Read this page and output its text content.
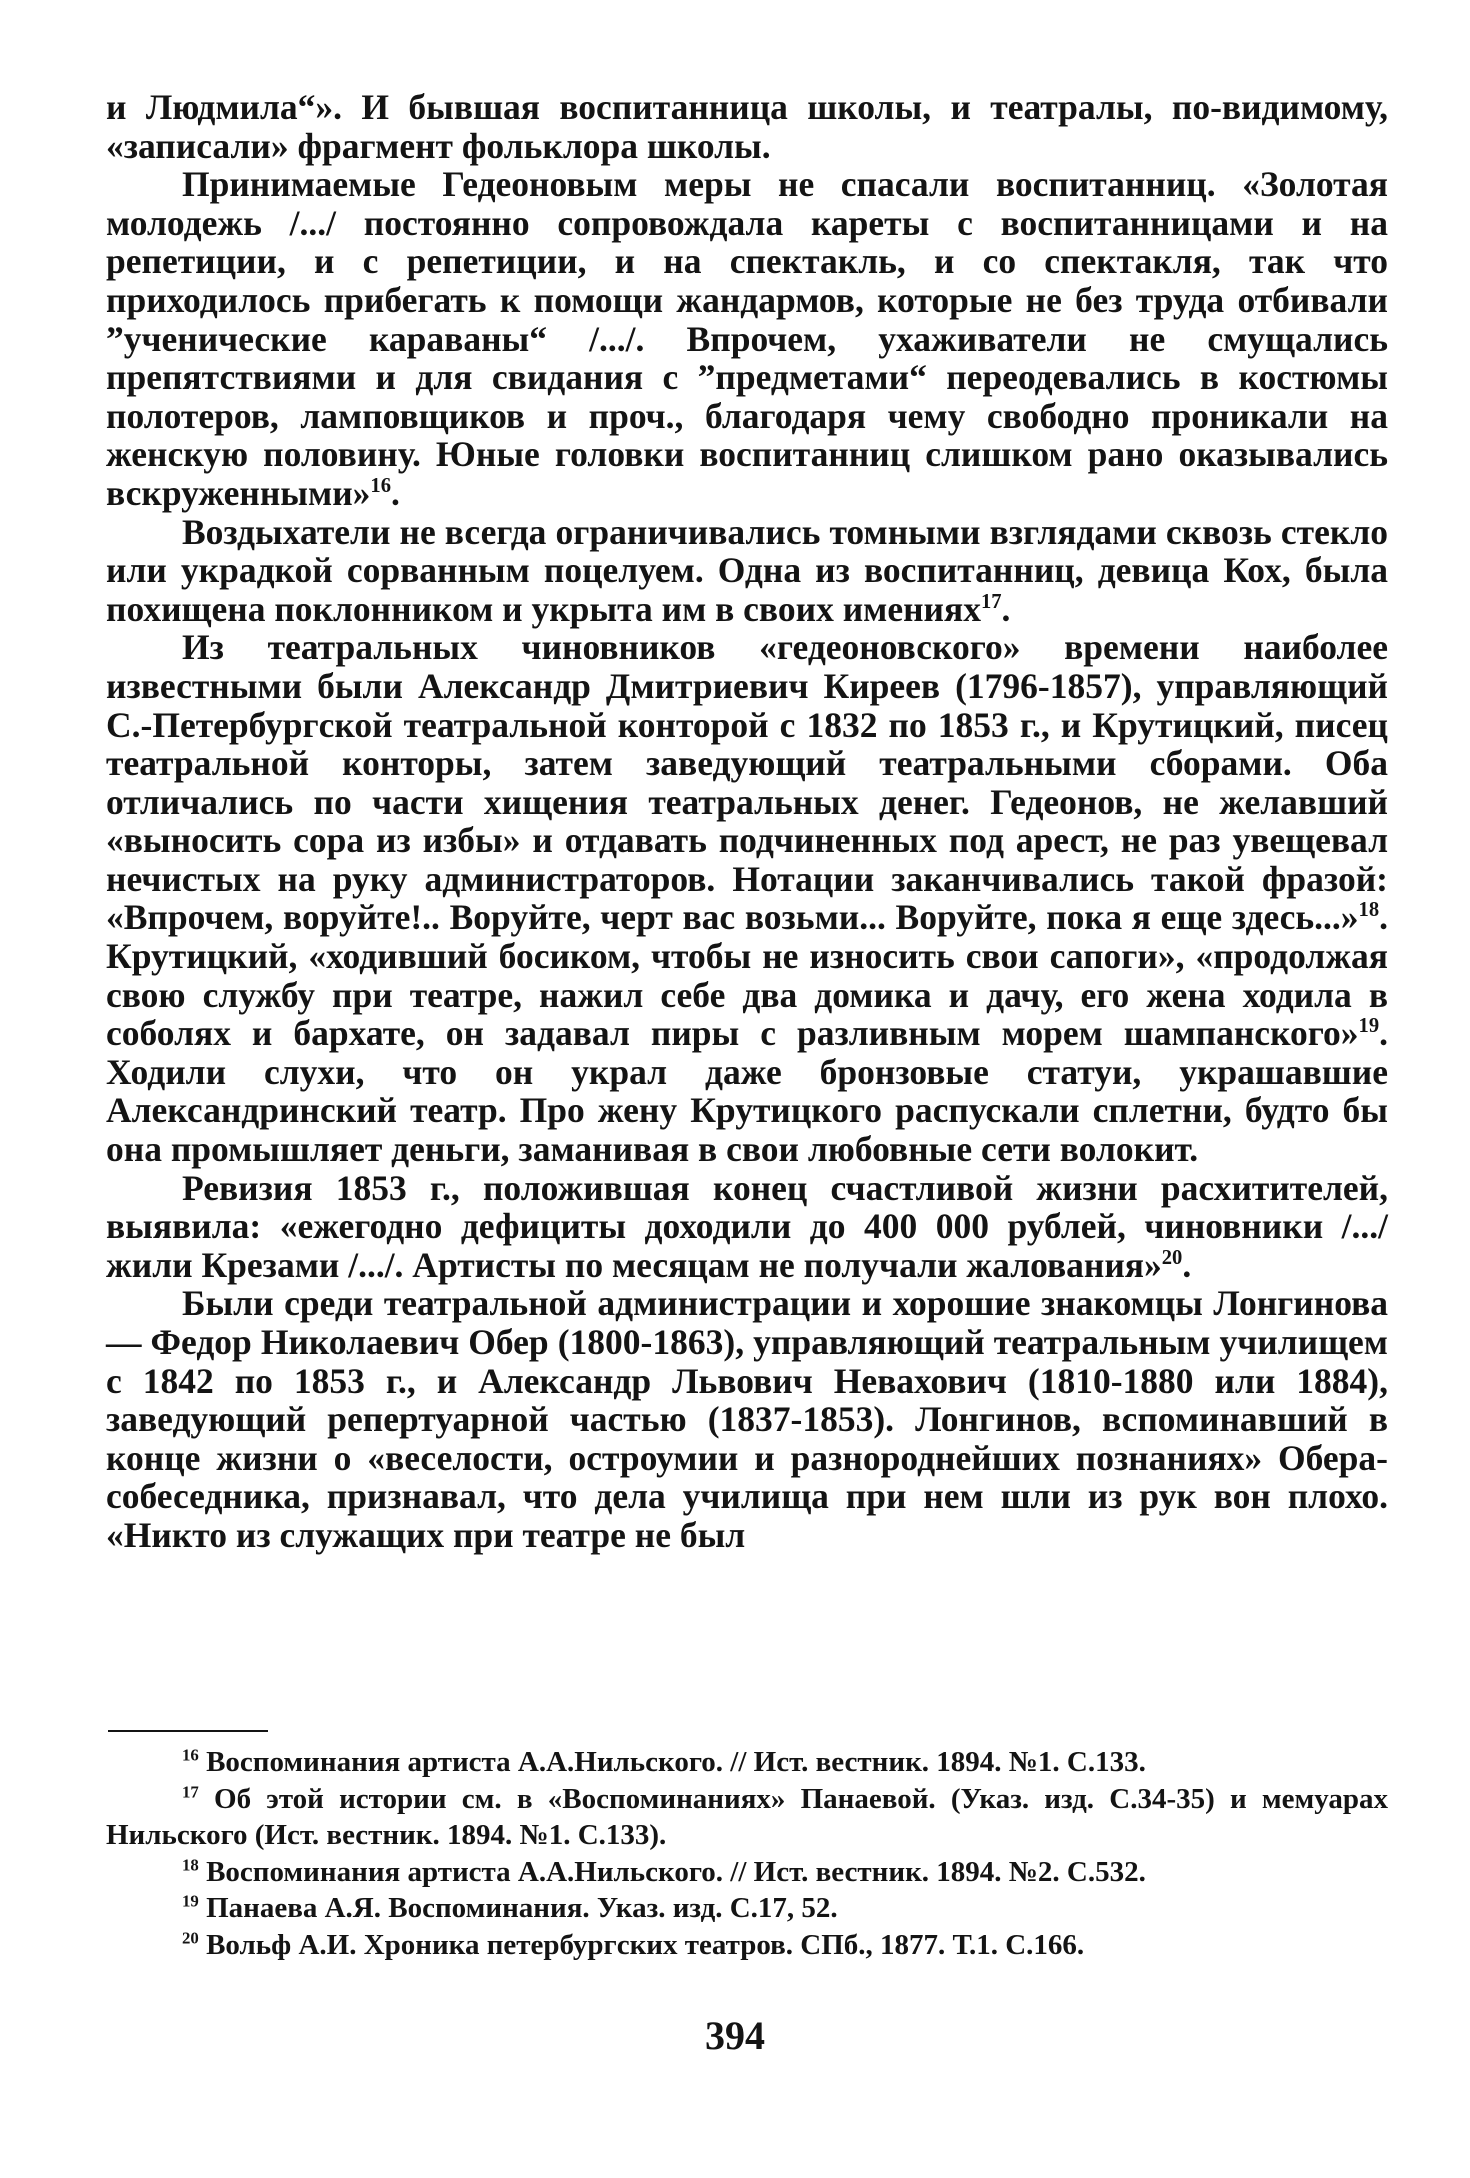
и Людмила“». И бывшая воспитанница школы, и театралы, по-видимому, «записали» фрагмент фольклора школы.

Принимаемые Гедеоновым меры не спасали воспитанниц. «Золотая молодежь /.../ постоянно сопровождала кареты с воспитанницами и на репетиции, и с репетиции, и на спектакль, и со спектакля, так что приходилось прибегать к помощи жандармов, которые не без труда отбивали ”ученические караваны“ /.../. Впрочем, ухаживатели не смущались препятствиями и для свидания с ”предметами“ переодевались в костюмы полотеров, ламповщиков и проч., благодаря чему свободно проникали на женскую половину. Юные головки воспитанниц слишком рано оказывались вскруженными»$^{16}$.

Воздыхатели не всегда ограничивались томными взглядами сквозь стекло или украдкой сорванным поцелуем. Одна из воспитанниц, девица Кох, была похищена поклонником и укрыта им в своих имениях$^{17}$.

Из театральных чиновников «гедеоновского» времени наиболее известными были Александр Дмитриевич Киреев (1796-1857), управляющий С.-Петербургской театральной конторой с 1832 по 1853 г., и Крутицкий, писец театральной конторы, затем заведующий театральными сборами. Оба отличались по части хищения театральных денег. Гедеонов, не желавший «выносить сора из избы» и отдавать подчиненных под арест, не раз увещевал нечистых на руку администраторов. Нотации заканчивались такой фразой: «Впрочем, воруйте!.. Воруйте, черт вас возьми... Воруйте, пока я еще здесь...»$^{18}$. Крутицкий, «ходивший босиком, чтобы не износить свои сапоги», «продолжая свою службу при театре, нажил себе два домика и дачу, его жена ходила в соболях и бархате, он задавал пиры с разливным морем шампанского»$^{19}$. Ходили слухи, что он украл даже бронзовые статуи, украшавшие Александринский театр. Про жену Крутицкого распускали сплетни, будто бы она промышляет деньги, заманивая в свои любовные сети волокит.

Ревизия 1853 г., положившая конец счастливой жизни расхитителей, выявила: «ежегодно дефициты доходили до 400 000 рублей, чиновники /.../ жили Крезами /.../. Артисты по месяцам не получали жалования»$^{20}$.

Были среди театральной администрации и хорошие знакомцы Лонгинова — Федор Николаевич Обер (1800-1863), управляющий театральным училищем с 1842 по 1853 г., и Александр Львович Невахович (1810-1880 или 1884), заведующий репертуарной частью (1837-1853). Лонгинов, вспоминавший в конце жизни о «веселости, остроумии и разнороднейших познаниях» Обера-собеседника, признавал, что дела училища при нем шли из рук вон плохо. «Никто из служащих при театре не был

$^{16}$ Воспоминания артиста А.А.Нильского. // Ист. вестник. 1894. №1. С.133.

$^{17}$ Об этой истории см. в «Воспоминаниях» Панаевой. (Указ. изд. С.34-35) и мемуарах Нильского (Ист. вестник. 1894. №1. С.133).

$^{18}$ Воспоминания артиста А.А.Нильского. // Ист. вестник. 1894. №2. С.532.

$^{19}$ Панаева А.Я. Воспоминания. Указ. изд. С.17, 52.

$^{20}$ Вольф А.И. Хроника петербургских театров. СПб., 1877. Т.1. С.166.

394
